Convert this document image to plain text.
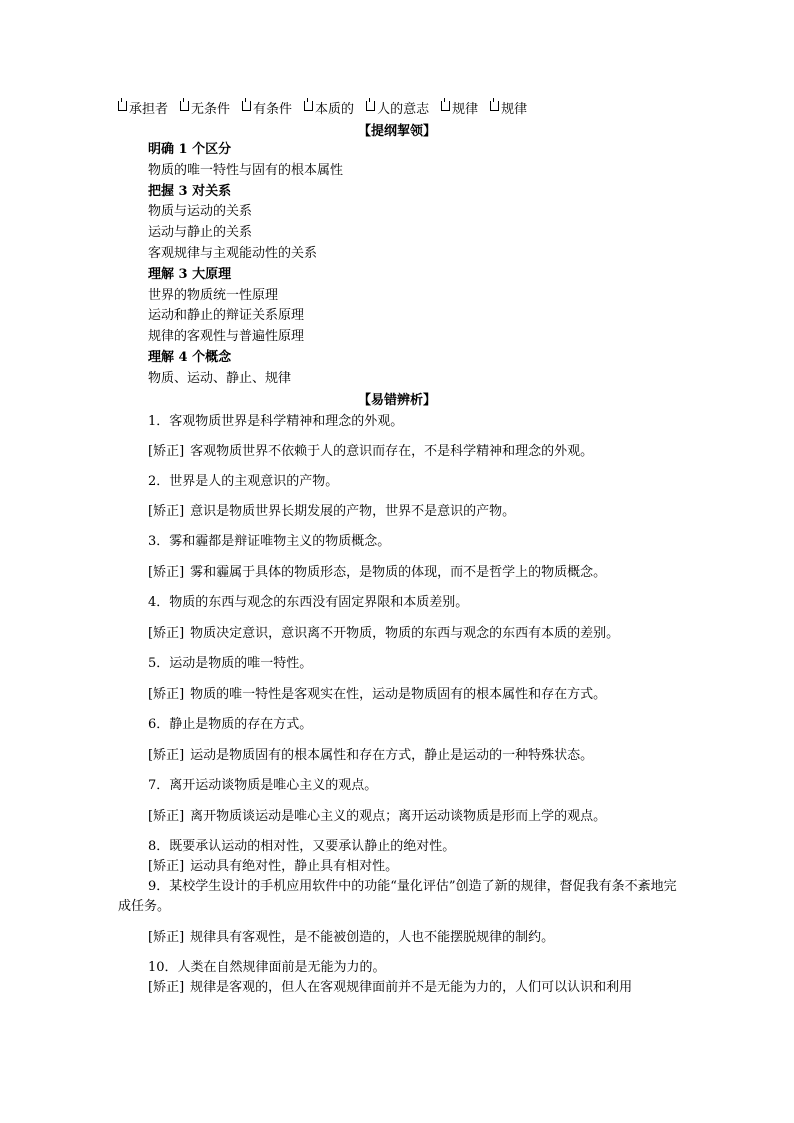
承担者 无条件 有条件 本质的 人的意志 规律 规律
【提纲挈领】
明确 1 个区分
物质的唯一特性与固有的根本属性
把握 3 对关系
物质与运动的关系
运动与静止的关系
客观规律与主观能动性的关系
理解 3 大原理
世界的物质统一性原理
运动和静止的辩证关系原理
规律的客观性与普遍性原理
理解 4 个概念
物质、运动、静止、规律
【易错辨析】

1．客观物质世界是科学精神和理念的外观。

[矫正] 客观物质世界不依赖于人的意识而存在，不是科学精神和理念的外观。

2．世界是人的主观意识的产物。

[矫正] 意识是物质世界长期发展的产物，世界不是意识的产物。

3．雾和霾都是辩证唯物主义的物质概念。

[矫正] 雾和霾属于具体的物质形态，是物质的体现，而不是哲学上的物质概念。

4．物质的东西与观念的东西没有固定界限和本质差别。

[矫正] 物质决定意识，意识离不开物质，物质的东西与观念的东西有本质的差别。

5．运动是物质的唯一特性。

[矫正] 物质的唯一特性是客观实在性，运动是物质固有的根本属性和存在方式。

6．静止是物质的存在方式。

[矫正] 运动是物质固有的根本属性和存在方式，静止是运动的一种特殊状态。

7．离开运动谈物质是唯心主义的观点。

[矫正] 离开物质谈运动是唯心主义的观点；离开运动谈物质是形而上学的观点。

8．既要承认运动的相对性，又要承认静止的绝对性。

[矫正] 运动具有绝对性，静止具有相对性。

9．某校学生设计的手机应用软件中的功能“量化评估”创造了新的规律，督促我有条不紊地完成任务。

[矫正] 规律具有客观性，是不能被创造的，人也不能摆脱规律的制约。

10．人类在自然规律面前是无能为力的。

[矫正] 规律是客观的，但人在客观规律面前并不是无能为力的，人们可以认识和利用
